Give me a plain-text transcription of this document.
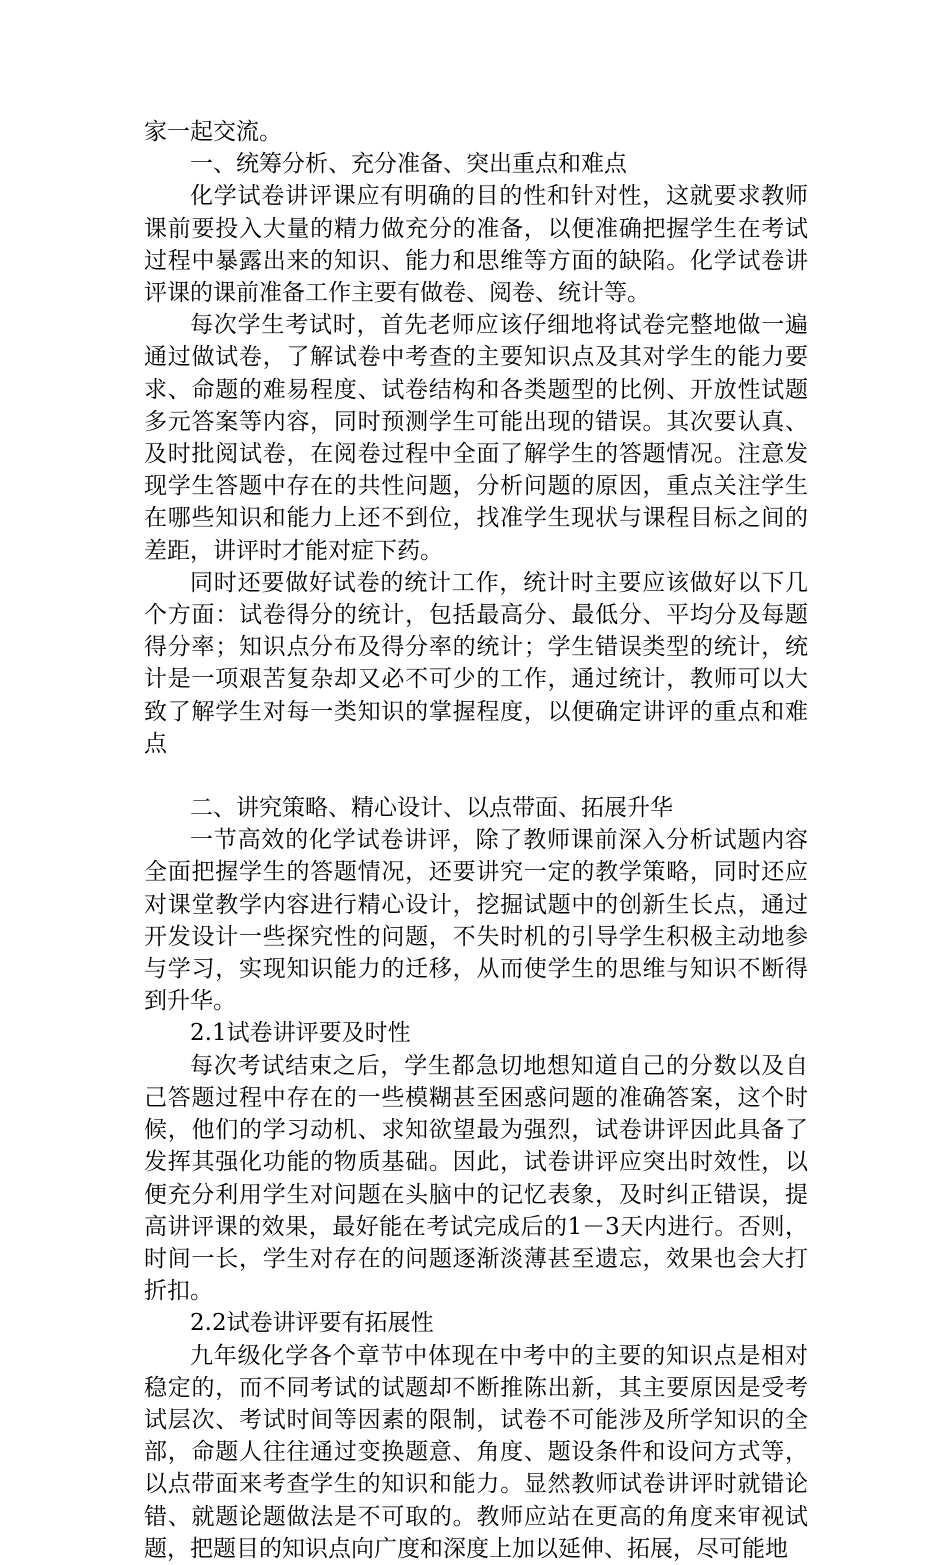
家一起交流。

一、统筹分析、充分准备、突出重点和难点

化学试卷讲评课应有明确的目的性和针对性，这就要求教师课前要投入大量的精力做充分的准备，以便准确把握学生在考试过程中暴露出来的知识、能力和思维等方面的缺陷。化学试卷讲评课的课前准备工作主要有做卷、阅卷、统计等。

每次学生考试时，首先老师应该仔细地将试卷完整地做一遍通过做试卷，了解试卷中考查的主要知识点及其对学生的能力要求、命题的难易程度、试卷结构和各类题型的比例、开放性试题多元答案等内容，同时预测学生可能出现的错误。其次要认真、及时批阅试卷，在阅卷过程中全面了解学生的答题情况。注意发现学生答题中存在的共性问题，分析问题的原因，重点关注学生在哪些知识和能力上还不到位，找准学生现状与课程目标之间的差距，讲评时才能对症下药。

同时还要做好试卷的统计工作，统计时主要应该做好以下几个方面：试卷得分的统计，包括最高分、最低分、平均分及每题得分率；知识点分布及得分率的统计；学生错误类型的统计，统计是一项艰苦复杂却又必不可少的工作，通过统计，教师可以大致了解学生对每一类知识的掌握程度，以便确定讲评的重点和难点

二、讲究策略、精心设计、以点带面、拓展升华

一节高效的化学试卷讲评，除了教师课前深入分析试题内容全面把握学生的答题情况，还要讲究一定的教学策略，同时还应对课堂教学内容进行精心设计，挖掘试题中的创新生长点，通过开发设计一些探究性的问题，不失时机的引导学生积极主动地参与学习，实现知识能力的迁移，从而使学生的思维与知识不断得到升华。

2.1试卷讲评要及时性

每次考试结束之后，学生都急切地想知道自己的分数以及自己答题过程中存在的一些模糊甚至困惑问题的准确答案，这个时候，他们的学习动机、求知欲望最为强烈，试卷讲评因此具备了发挥其强化功能的物质基础。因此，试卷讲评应突出时效性，以便充分利用学生对问题在头脑中的记忆表象，及时纠正错误，提高讲评课的效果，最好能在考试完成后的1－3天内进行。否则，时间一长，学生对存在的问题逐渐淡薄甚至遗忘，效果也会大打折扣。

2.2试卷讲评要有拓展性

九年级化学各个章节中体现在中考中的主要的知识点是相对稳定的，而不同考试的试题却不断推陈出新，其主要原因是受考试层次、考试时间等因素的限制，试卷不可能涉及所学知识的全部，命题人往往通过变换题意、角度、题设条件和设问方式等，以点带面来考查学生的知识和能力。显然教师试卷讲评时就错论错、就题论题做法是不可取的。教师应站在更高的角度来审视试题，把题目的知识点向广度和深度上加以延伸、拓展，尽可能地
